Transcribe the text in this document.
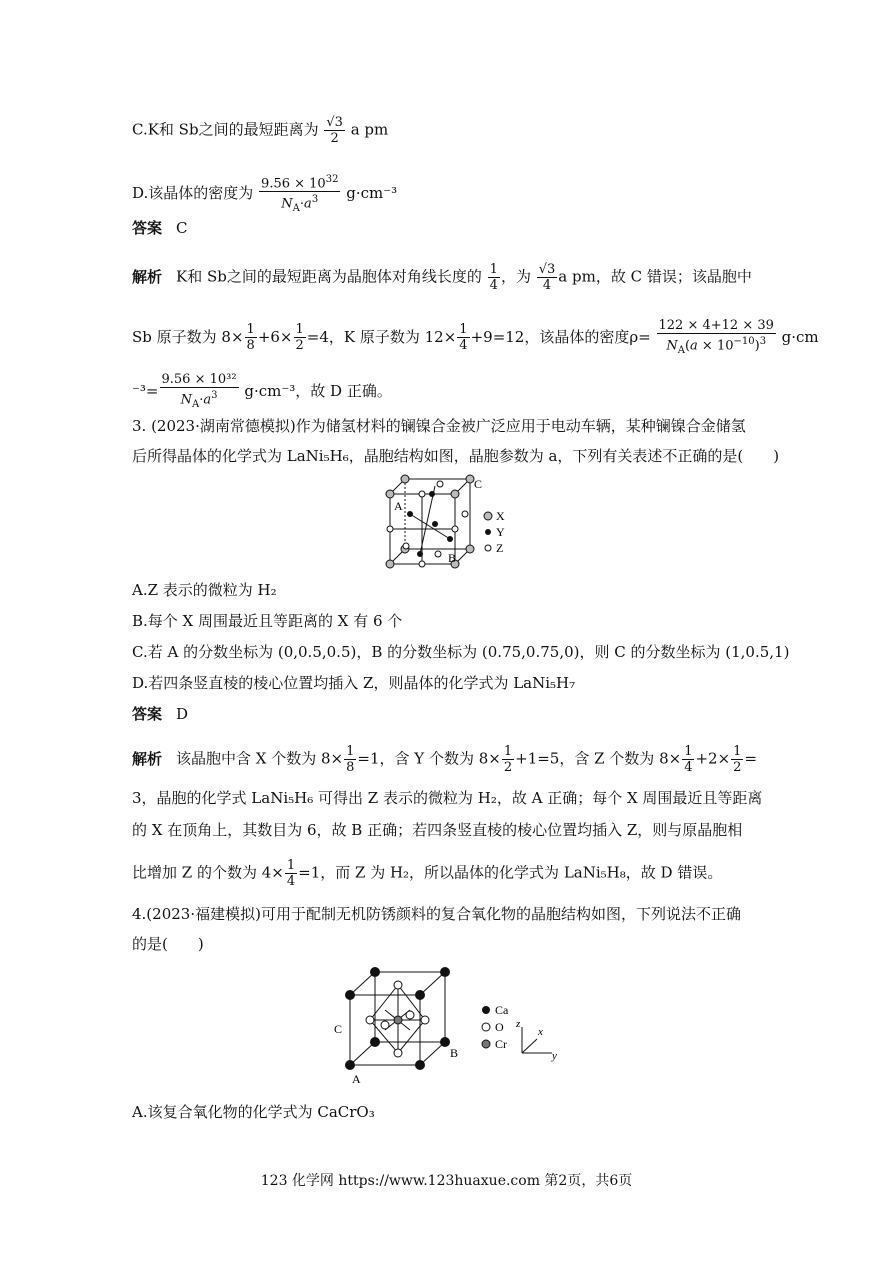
C.K和 Sb之间的最短距离为 $\frac{√3}{2}$ a pm
D.该晶体的密度为 $\frac{9.56 \times 10^{32}}{N_A\cdot a^3} g\cdot cm^{-3}$
答案 C
解析 K和 Sb之间的最短距离为晶胞体对角线长度的 $\frac{1}{4}$ ，为 $\frac{√3}{4}$ a pm，故 C 错误；该晶胞中
Sb 原子数为 $8\times \frac{1}{8} +6\times \frac{1}{2} =4$，K 原子数为 $12\times \frac{1}{4} +9=12$，该晶体的密度$\rho= \frac{122 \times 4+12 \times 39}{N_A(a \times 10^{-10})^3} g\cdot cm$
$^{-3}= \frac{\text{9.56 × 10³²}}{N_A\cdot a^3} g\cdot cm^{-3}$，故 D 正确。
3. (2023·湖南常德模拟)作为储氢材料的镧镍合金被广泛应用于电动车辆，某种镧镍合金储氢
后所得晶体的化学式为 LaNi₅H₆，晶胞结构如图，晶胞参数为 a，下列有关表述不正确的是(　　)
C
A
B
X
Y
Z
A.Z 表示的微粒为 H₂
B.每个 X 周围最近且等距离的 X 有 6 个
C.若 A 的分数坐标为 (0,0.5,0.5)，B 的分数坐标为 (0.75,0.75,0)，则 C 的分数坐标为 (1,0.5,1)
D.若四条竖直棱的棱心位置均插入 Z，则晶体的化学式为 LaNi₅H₇
答案 D
解析 该晶胞中含 X 个数为 $8\times \frac{1}{8} =1$，含 Y 个数为 $8\times \frac{1}{2} +1=5$，含 Z 个数为 $8\times \frac{1}{4} +2\times \frac{1}{2}$ =
3，晶胞的化学式 LaNi₅H₆ 可得出 Z 表示的微粒为 H₂，故 A 正确；每个 X 周围最近且等距离
的 X 在顶角上，其数目为 6，故 B 正确；若四条竖直棱的棱心位置均插入 Z，则与原晶胞相
比增加 Z 的个数为 $4\times \frac{1}{4} =1$，而 Z 为 H₂，所以晶体的化学式为 LaNi₅H₈，故 D 错误。
4.(2023·福建模拟)可用于配制无机防锈颜料的复合氧化物的晶胞结构如图，下列说法不正确
的是(　　)
C
A
B
Ca
O
Cr
z
x
y
A.该复合氧化物的化学式为 CaCrO₃
123 化学网 https://www.123huaxue.com 第2页，共6页
